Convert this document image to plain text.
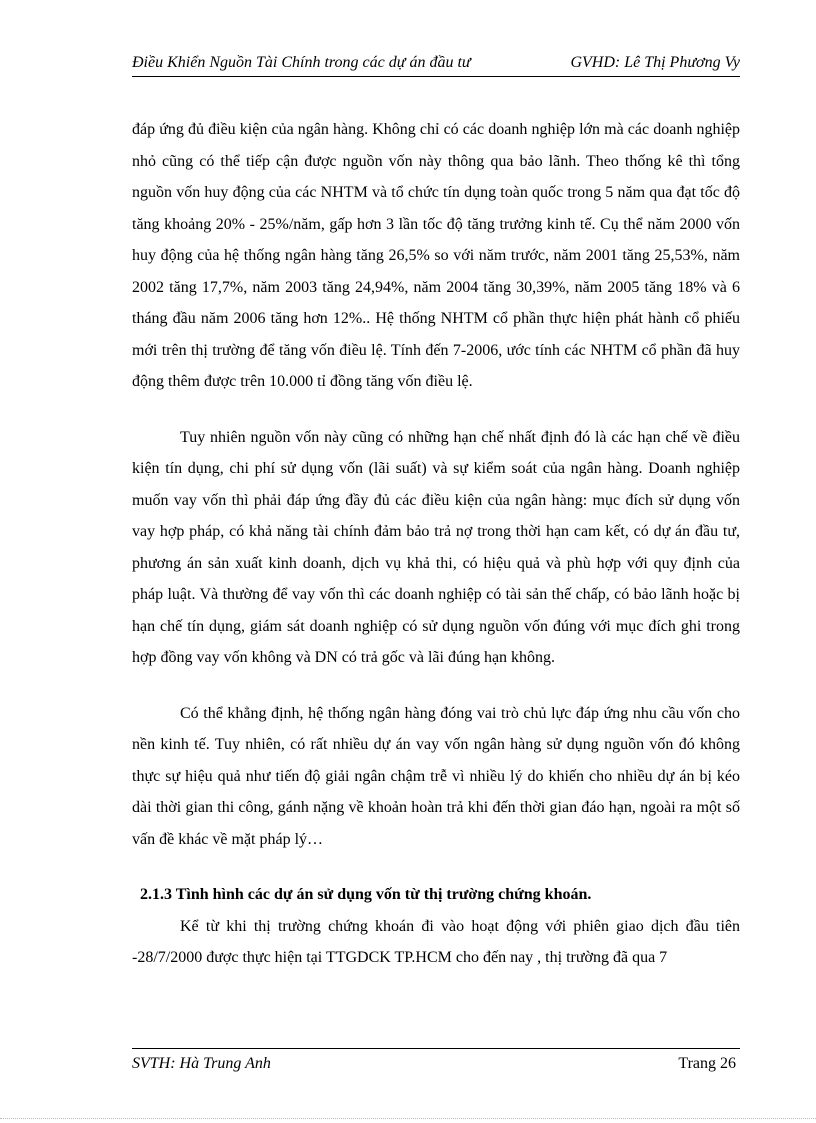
Điều Khiển Nguồn Tài Chính trong các dự án đầu tư	GVHD: Lê Thị Phương Vy

đáp ứng đủ điều kiện của ngân hàng. Không chỉ có các doanh nghiệp lớn mà các doanh nghiệp nhỏ cũng có thể tiếp cận được nguồn vốn này thông qua bảo lãnh. Theo thống kê thì tổng nguồn vốn huy động của các NHTM và tổ chức tín dụng toàn quốc trong 5 năm qua đạt tốc độ tăng khoảng 20% - 25%/năm, gấp hơn 3 lần tốc độ tăng trưởng kinh tế. Cụ thể năm 2000 vốn huy động của hệ thống ngân hàng tăng 26,5% so với năm trước, năm 2001 tăng 25,53%, năm 2002 tăng 17,7%, năm 2003 tăng 24,94%, năm 2004 tăng 30,39%, năm 2005 tăng 18% và 6 tháng đầu năm 2006 tăng hơn 12%.. Hệ thống NHTM cổ phần thực hiện phát hành cổ phiếu mới trên thị trường để tăng vốn điều lệ. Tính đến 7-2006, ước tính các NHTM cổ phần đã huy động thêm được trên 10.000 tỉ đồng tăng vốn điều lệ.

Tuy nhiên nguồn vốn này cũng có những hạn chế nhất định đó là các hạn chế về điều kiện tín dụng, chi phí sử dụng vốn (lãi suất) và sự kiểm soát của ngân hàng. Doanh nghiệp muốn vay vốn thì phải đáp ứng đầy đủ các điều kiện của ngân hàng: mục đích sử dụng vốn vay hợp pháp, có khả năng tài chính đảm bảo trả nợ trong thời hạn cam kết, có dự án đầu tư, phương án sản xuất kinh doanh, dịch vụ khả thi, có hiệu quả và phù hợp với quy định của pháp luật. Và thường để vay vốn thì các doanh nghiệp có tài sản thế chấp, có bảo lãnh hoặc bị hạn chế tín dụng, giám sát doanh nghiệp có sử dụng nguồn vốn đúng với mục đích ghi trong hợp đồng vay vốn không và DN có trả gốc và lãi đúng hạn không.

Có thể khẳng định, hệ thống ngân hàng đóng vai trò chủ lực đáp ứng nhu cầu vốn cho nền kinh tế. Tuy nhiên, có rất nhiều dự án vay vốn ngân hàng sử dụng nguồn vốn đó không thực sự hiệu quả như tiến độ giải ngân chậm trễ vì nhiều lý do khiến cho nhiều dự án bị kéo dài thời gian thi công, gánh nặng về khoản hoàn trả khi đến thời gian đáo hạn, ngoài ra một số vấn đề khác về mặt pháp lý…

2.1.3 Tình hình các dự án sử dụng vốn từ thị trường chứng khoán.

Kể từ khi thị trường chứng khoán đi vào hoạt động với phiên giao dịch đầu tiên -28/7/2000 được thực hiện tại TTGDCK TP.HCM cho đến nay , thị trường đã qua 7

SVTH: Hà Trung Anh	Trang 26
